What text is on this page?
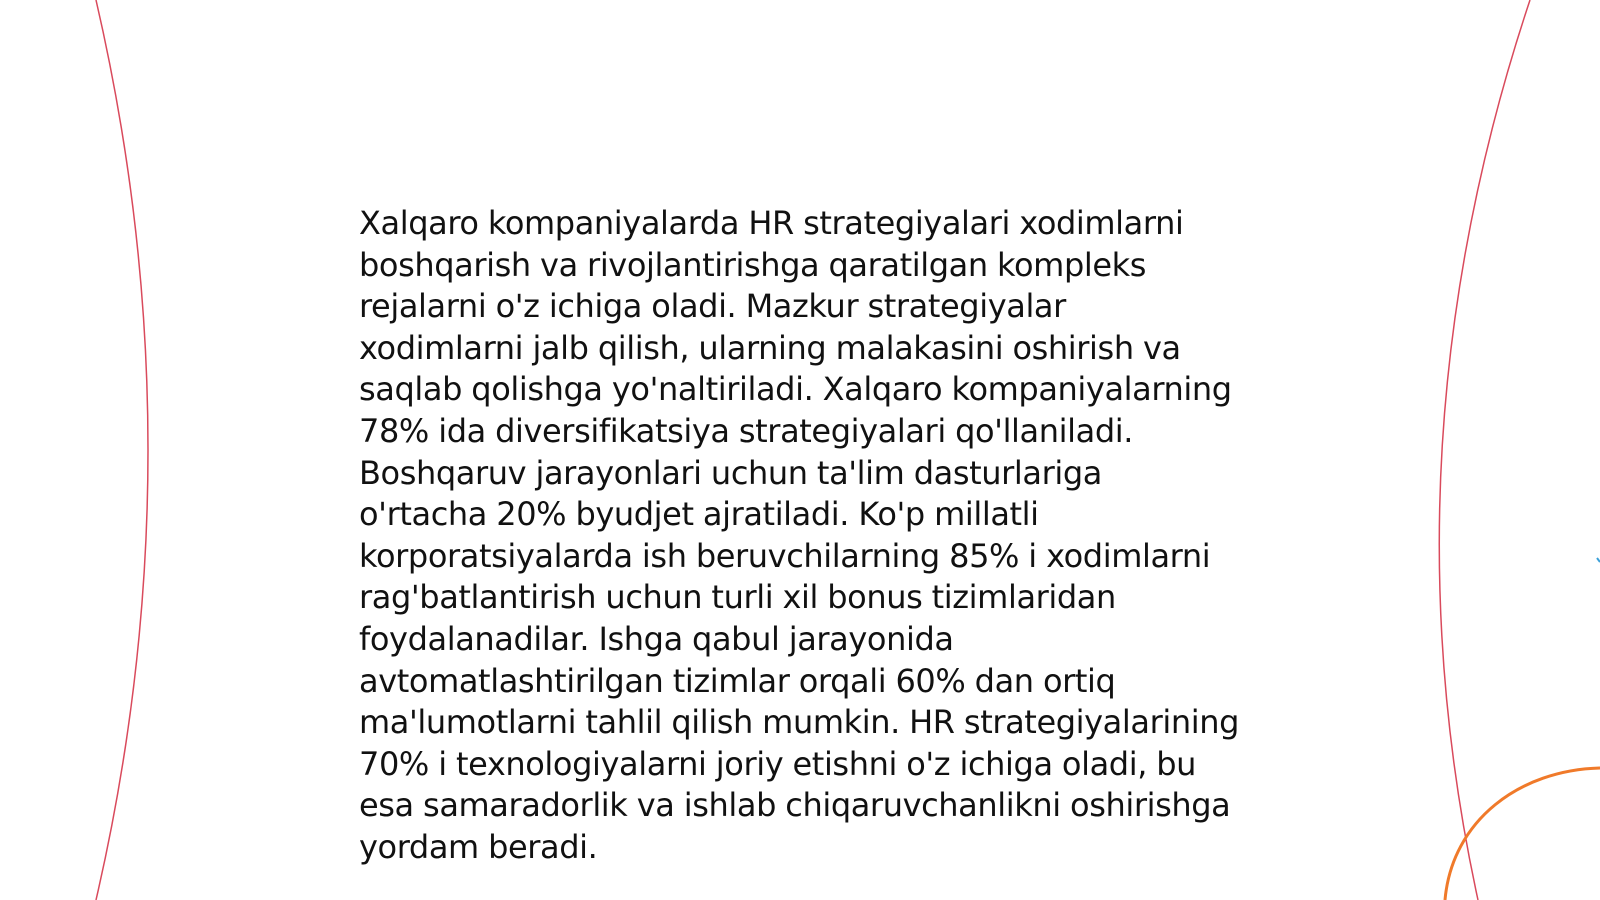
Xalqaro kompaniyalarda HR strategiyalari xodimlarni boshqarish va rivojlantirishga qaratilgan kompleks rejalarni o'z ichiga oladi. Mazkur strategiyalar xodimlarni jalb qilish, ularning malakasini oshirish va saqlab qolishga yo'naltiriladi. Xalqaro kompaniyalarning 78% ida diversifikatsiya strategiyalari qo'llaniladi. Boshqaruv jarayonlari uchun ta'lim dasturlariga o'rtacha 20% byudjet ajratiladi. Ko'p millatli korporatsiyalarda ish beruvchilarning 85% i xodimlarni rag'batlantirish uchun turli xil bonus tizimlaridan foydalanadilar. Ishga qabul jarayonida avtomatlashtirilgan tizimlar orqali 60% dan ortiq ma'lumotlarni tahlil qilish mumkin. HR strategiyalarining 70% i texnologiyalarni joriy etishni o'z ichiga oladi, bu esa samaradorlik va ishlab chiqaruvchanlikni oshirishga yordam beradi.
